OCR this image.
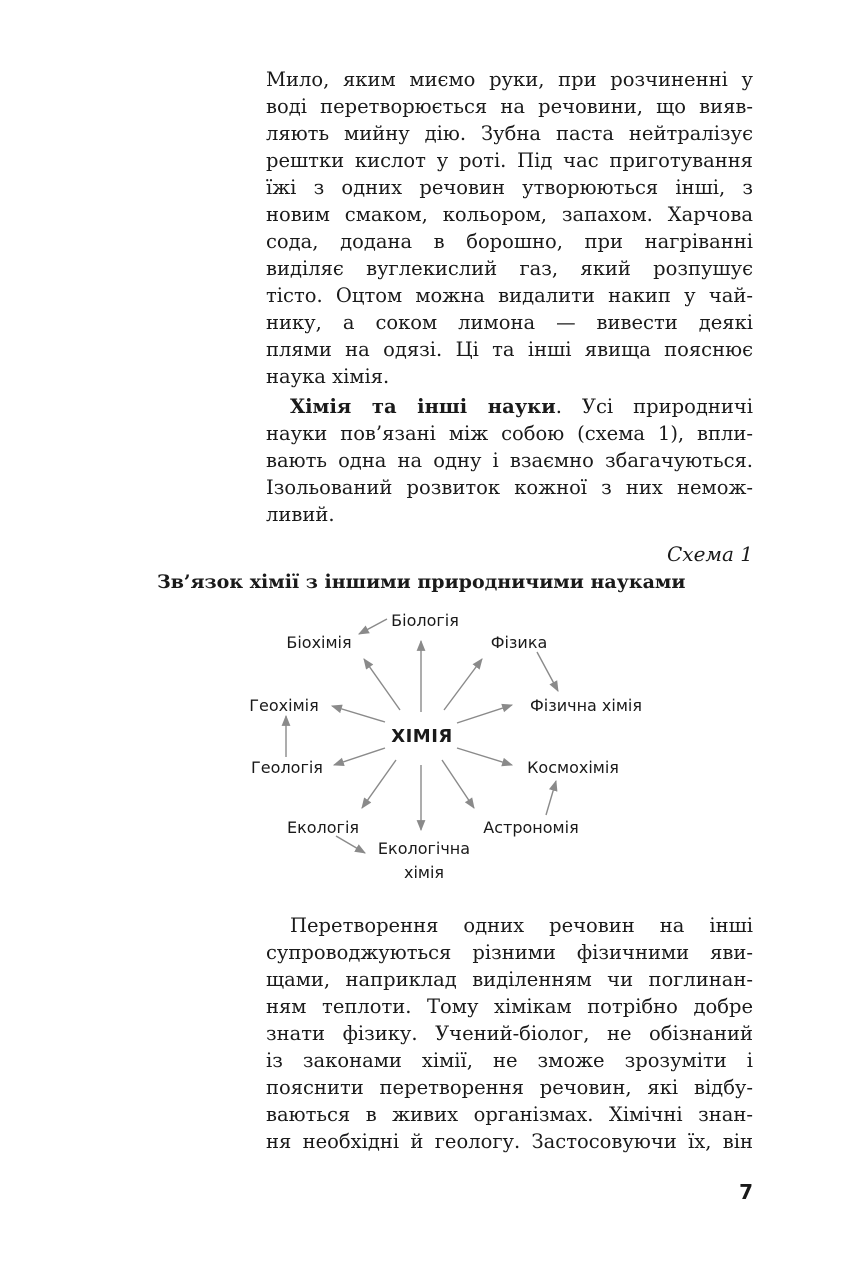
Мило, яким миємо руки, при розчиненні у
воді перетворюється на речовини, що вияв-
ляють мийну дію. Зубна паста нейтралізує
рештки кислот у роті. Під час приготування
їжі з одних речовин утворюються інші, з
новим смаком, кольором, запахом. Харчова
сода, додана в борошно, при нагріванні
виділяє вуглекислий газ, який розпушує
тісто. Оцтом можна видалити накип у чай-
нику, а соком лимона — вивести деякі
плями на одязі. Ці та інші явища пояснює
наука хімія.
Хімія та інші науки. Усі природничі
науки пов’язані між собою (схема 1), впли-
вають одна на одну і взаємно збагачуються.
Ізольований розвиток кожної з них немож-
ливий.
Схема 1
Зв’язок хімії з іншими природничими науками
ХІМІЯ
Біологія
Біохімія	Фізика
Фізична хімія
Геохімія
Геологія	Космохімія
Екологія	Астрономія
Екологічна
хімія
Перетворення одних речовин на інші
супроводжуються різними фізичними яви-
щами, наприклад виділенням чи поглинан-
ням теплоти. Тому хімікам потрібно добре
знати фізику. Учений-біолог, не обізнаний
із законами хімії, не зможе зрозуміти і
пояснити перетворення речовин, які відбу-
ваються в живих організмах. Хімічні знан-
ня необхідні й геологу. Застосовуючи їх, він
7
